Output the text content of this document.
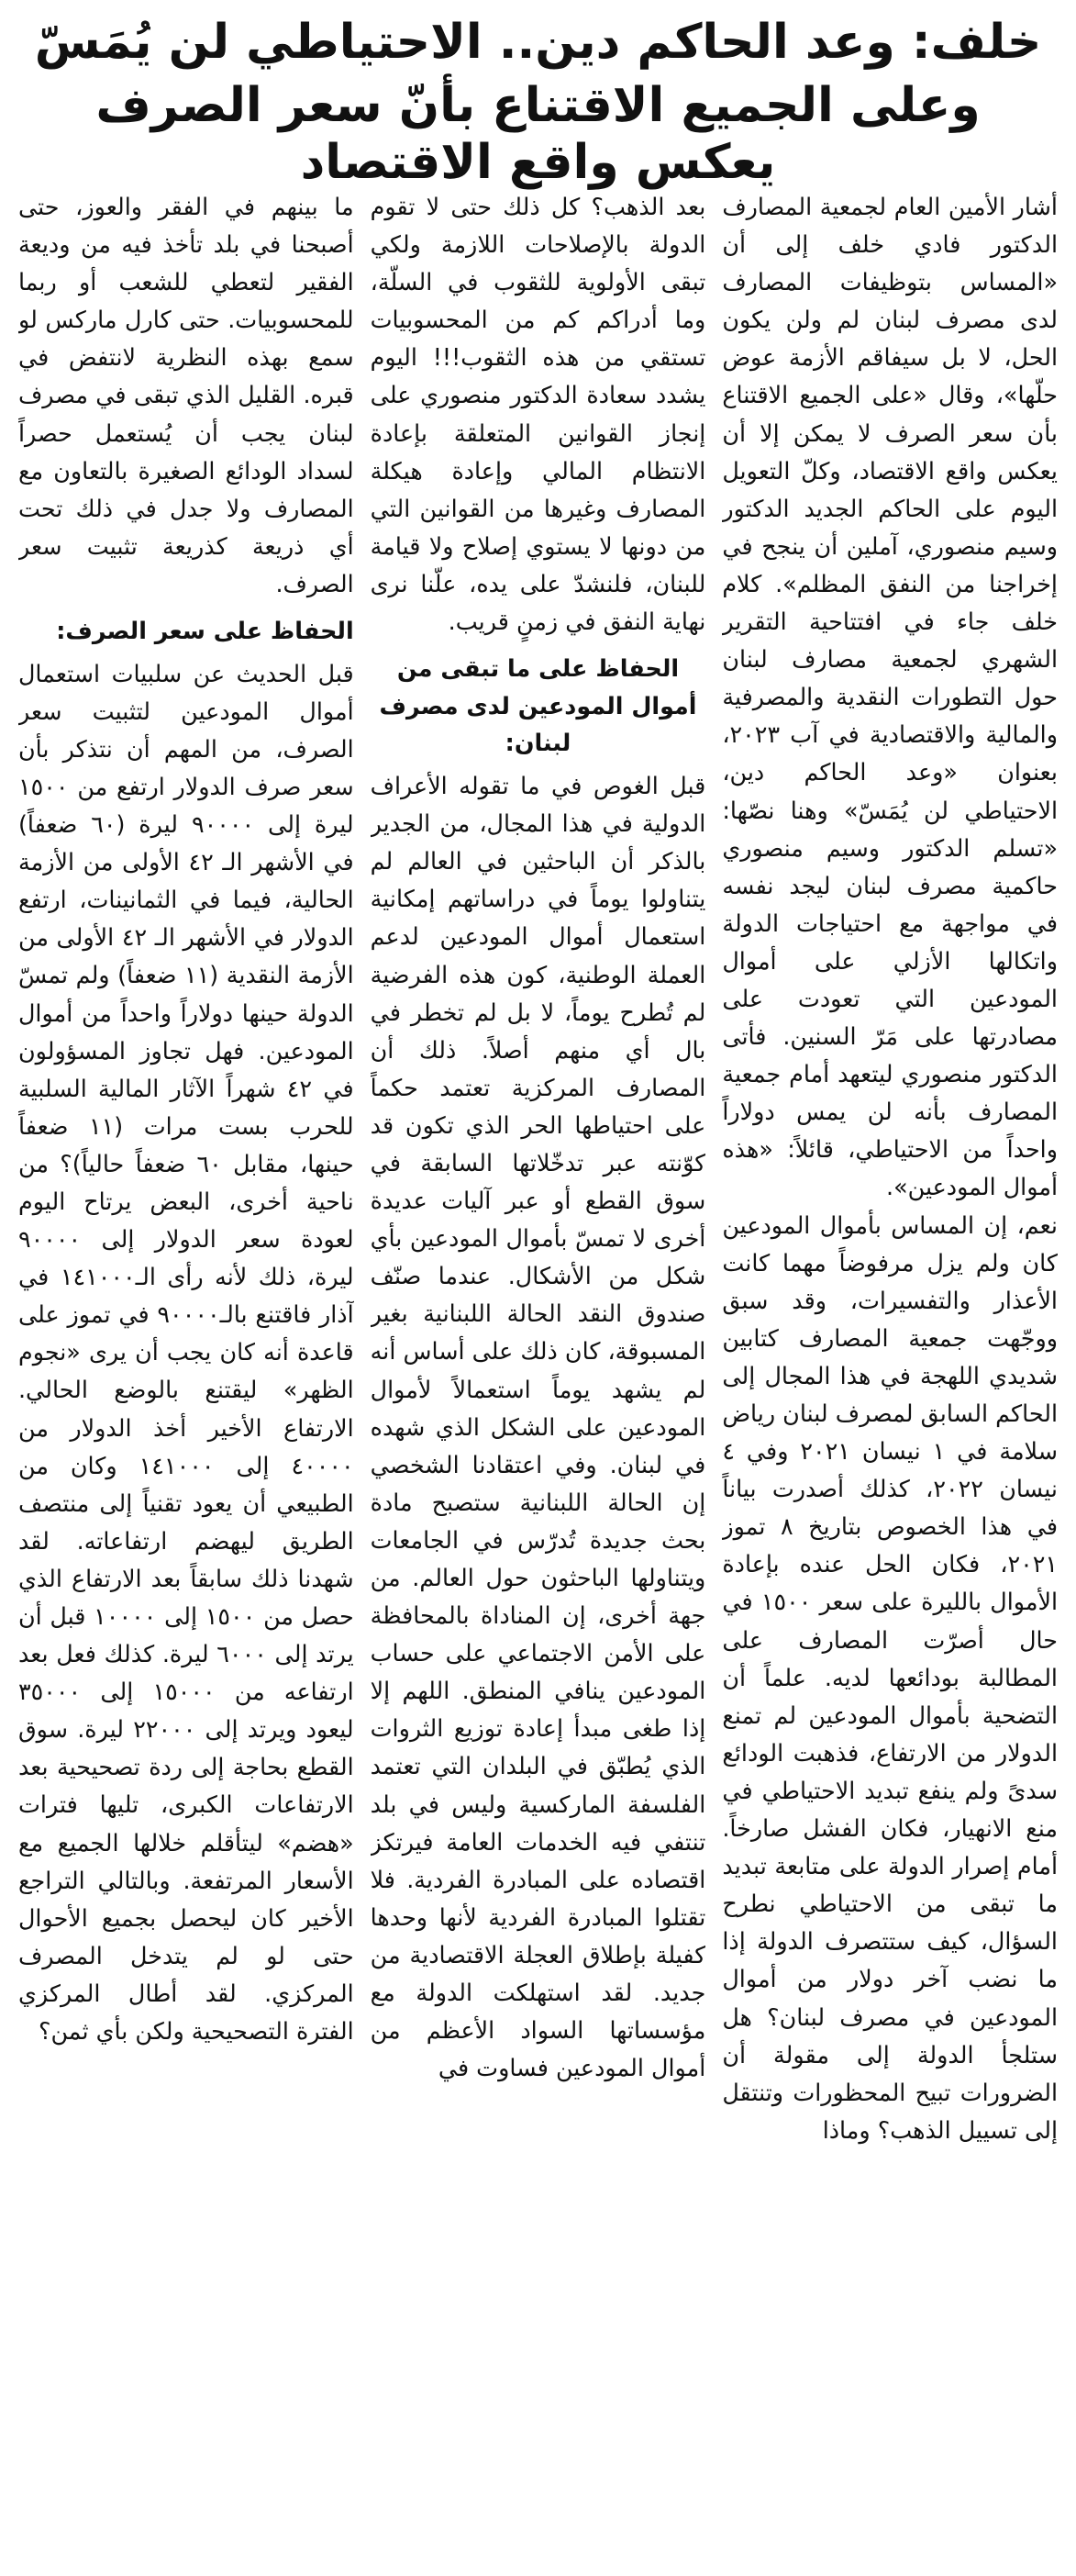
خلف: وعد الحاكم دين.. الاحتياطي لن يُمَسّ
وعلى الجميع الاقتناع بأنّ سعر الصرف يعكس واقع الاقتصاد

أشار الأمين العام لجمعية المصارف الدكتور فادي خلف إلى أن «المساس بتوظيفات المصارف لدى مصرف لبنان لم ولن يكون الحل، لا بل سيفاقم الأزمة عوض حلّها»، وقال «على الجميع الاقتناع بأن سعر الصرف لا يمكن إلا أن يعكس واقع الاقتصاد، وكلّ التعويل اليوم على الحاكم الجديد الدكتور وسيم منصوري، آملين أن ينجح في إخراجنا من النفق المظلم». كلام خلف جاء في افتتاحية التقرير الشهري لجمعية مصارف لبنان حول التطورات النقدية والمصرفية والمالية والاقتصادية في آب ٢٠٢٣، بعنوان «وعد الحاكم دين، الاحتياطي لن يُمَسّ» وهنا نصّها: «تسلم الدكتور وسيم منصوري حاكمية مصرف لبنان ليجد نفسه في مواجهة مع احتياجات الدولة واتكالها الأزلي على أموال المودعين التي تعودت على مصادرتها على مَرّ السنين. فأتى الدكتور منصوري ليتعهد أمام جمعية المصارف بأنه لن يمس دولاراً واحداً من الاحتياطي، قائلاً: «هذه أموال المودعين».

نعم، إن المساس بأموال المودعين كان ولم يزل مرفوضاً مهما كانت الأعذار والتفسيرات، وقد سبق ووجّهت جمعية المصارف كتابين شديدي اللهجة في هذا المجال إلى الحاكم السابق لمصرف لبنان رياض سلامة في ١ نيسان ٢٠٢١ وفي ٤ نيسان ٢٠٢٢، كذلك أصدرت بياناً في هذا الخصوص بتاريخ ٨ تموز ٢٠٢١، فكان الحل عنده بإعادة الأموال بالليرة على سعر ١٥٠٠ في حال أصرّت المصارف على المطالبة بودائعها لديه. علماً أن التضحية بأموال المودعين لم تمنع الدولار من الارتفاع، فذهبت الودائع سدىً ولم ينفع تبديد الاحتياطي في منع الانهيار، فكان الفشل صارخاً. أمام إصرار الدولة على متابعة تبديد ما تبقى من الاحتياطي نطرح السؤال، كيف ستتصرف الدولة إذا ما نضب آخر دولار من أموال المودعين في مصرف لبنان؟ هل ستلجأ الدولة إلى مقولة أن الضرورات تبيح المحظورات وتنتقل إلى تسييل الذهب؟ وماذا

بعد الذهب؟ كل ذلك حتى لا تقوم الدولة بالإصلاحات اللازمة ولكي تبقى الأولوية للثقوب في السلّة، وما أدراكم كم من المحسوبيات تستقي من هذه الثقوب!!! اليوم يشدد سعادة الدكتور منصوري على إنجاز القوانين المتعلقة بإعادة الانتظام المالي وإعادة هيكلة المصارف وغيرها من القوانين التي من دونها لا يستوي إصلاح ولا قيامة للبنان، فلنشدّ على يده، علّنا نرى نهاية النفق في زمنٍ قريب.

الحفاظ على ما تبقى من أموال المودعين لدى مصرف لبنان:

قبل الغوص في ما تقوله الأعراف الدولية في هذا المجال، من الجدير بالذكر أن الباحثين في العالم لم يتناولوا يوماً في دراساتهم إمكانية استعمال أموال المودعين لدعم العملة الوطنية، كون هذه الفرضية لم تُطرح يوماً، لا بل لم تخطر في بال أي منهم أصلاً. ذلك أن المصارف المركزية تعتمد حكماً على احتياطها الحر الذي تكون قد كوّنته عبر تدخّلاتها السابقة في سوق القطع أو عبر آليات عديدة أخرى لا تمسّ بأموال المودعين بأي شكل من الأشكال. عندما صنّف صندوق النقد الحالة اللبنانية بغير المسبوقة، كان ذلك على أساس أنه لم يشهد يوماً استعمالاً لأموال المودعين على الشكل الذي شهده في لبنان. وفي اعتقادنا الشخصي إن الحالة اللبنانية ستصبح مادة بحث جديدة تُدرّس في الجامعات ويتناولها الباحثون حول العالم. من جهة أخرى، إن المناداة بالمحافظة على الأمن الاجتماعي على حساب المودعين ينافي المنطق. اللهم إلا إذا طغى مبدأ إعادة توزيع الثروات الذي يُطبّق في البلدان التي تعتمد الفلسفة الماركسية وليس في بلد تنتفي فيه الخدمات العامة فيرتكز اقتصاده على المبادرة الفردية. فلا تقتلوا المبادرة الفردية لأنها وحدها كفيلة بإطلاق العجلة الاقتصادية من جديد. لقد استهلكت الدولة مع مؤسساتها السواد الأعظم من أموال المودعين فساوت في

ما بينهم في الفقر والعوز، حتى أصبحنا في بلد تأخذ فيه من وديعة الفقير لتعطي للشعب أو ربما للمحسوبيات. حتى كارل ماركس لو سمع بهذه النظرية لانتفض في قبره. القليل الذي تبقى في مصرف لبنان يجب أن يُستعمل حصراً لسداد الودائع الصغيرة بالتعاون مع المصارف ولا جدل في ذلك تحت أي ذريعة كذريعة تثبيت سعر الصرف.

الحفاظ على سعر الصرف:

قبل الحديث عن سلبيات استعمال أموال المودعين لتثبيت سعر الصرف، من المهم أن نتذكر بأن سعر صرف الدولار ارتفع من ١٥٠٠ ليرة إلى ٩٠٠٠٠ ليرة (٦٠ ضعفاً) في الأشهر الـ ٤٢ الأولى من الأزمة الحالية، فيما في الثمانينات، ارتفع الدولار في الأشهر الـ ٤٢ الأولى من الأزمة النقدية (١١ ضعفاً) ولم تمسّ الدولة حينها دولاراً واحداً من أموال المودعين. فهل تجاوز المسؤولون في ٤٢ شهراً الآثار المالية السلبية للحرب بست مرات (١١ ضعفاً حينها، مقابل ٦٠ ضعفاً حالياً)؟ من ناحية أخرى، البعض يرتاح اليوم لعودة سعر الدولار إلى ٩٠٠٠٠ ليرة، ذلك لأنه رأى الـ١٤١٠٠٠ في آذار فاقتنع بالـ٩٠٠٠٠ في تموز على قاعدة أنه كان يجب أن يرى «نجوم الظهر» ليقتنع بالوضع الحالي. الارتفاع الأخير أخذ الدولار من ٤٠٠٠٠ إلى ١٤١٠٠٠ وكان من الطبيعي أن يعود تقنياً إلى منتصف الطريق ليهضم ارتفاعاته. لقد شهدنا ذلك سابقاً بعد الارتفاع الذي حصل من ١٥٠٠ إلى ١٠٠٠٠ قبل أن يرتد إلى ٦٠٠٠ ليرة. كذلك فعل بعد ارتفاعه من ١٥٠٠٠ إلى ٣٥٠٠٠ ليعود ويرتد إلى ٢٢٠٠٠ ليرة. سوق القطع بحاجة إلى ردة تصحيحية بعد الارتفاعات الكبرى، تليها فترات «هضم» ليتأقلم خلالها الجميع مع الأسعار المرتفعة. وبالتالي التراجع الأخير كان ليحصل بجميع الأحوال حتى لو لم يتدخل المصرف المركزي. لقد أطال المركزي الفترة التصحيحية ولكن بأي ثمن؟
